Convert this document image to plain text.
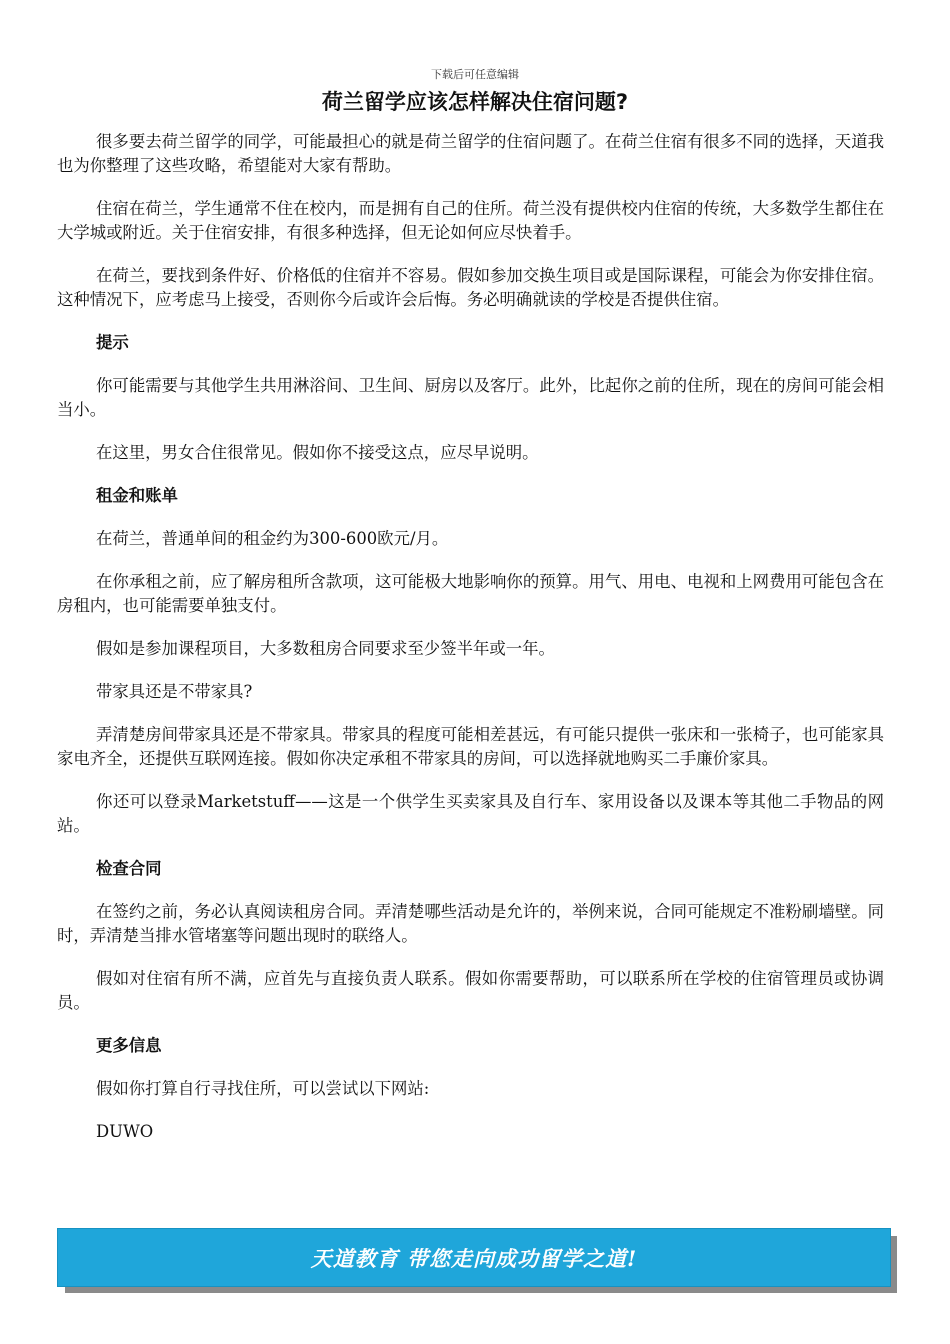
下载后可任意编辑
荷兰留学应该怎样解决住宿问题?

很多要去荷兰留学的同学，可能最担心的就是荷兰留学的住宿问题了。在荷兰住宿有很多不同的选择，天道我也为你整理了这些攻略，希望能对大家有帮助。

住宿在荷兰，学生通常不住在校内，而是拥有自己的住所。荷兰没有提供校内住宿的传统，大多数学生都住在大学城或附近。关于住宿安排，有很多种选择，但无论如何应尽快着手。

在荷兰，要找到条件好、价格低的住宿并不容易。假如参加交换生项目或是国际课程，可能会为你安排住宿。这种情况下，应考虑马上接受，否则你今后或许会后悔。务必明确就读的学校是否提供住宿。

提示

你可能需要与其他学生共用淋浴间、卫生间、厨房以及客厅。此外，比起你之前的住所，现在的房间可能会相当小。

在这里，男女合住很常见。假如你不接受这点，应尽早说明。

租金和账单

在荷兰，普通单间的租金约为300-600欧元/月。

在你承租之前，应了解房租所含款项，这可能极大地影响你的预算。用气、用电、电视和上网费用可能包含在房租内，也可能需要单独支付。

假如是参加课程项目，大多数租房合同要求至少签半年或一年。

带家具还是不带家具?

弄清楚房间带家具还是不带家具。带家具的程度可能相差甚远，有可能只提供一张床和一张椅子，也可能家具家电齐全，还提供互联网连接。假如你决定承租不带家具的房间，可以选择就地购买二手廉价家具。

你还可以登录Marketstuff——这是一个供学生买卖家具及自行车、家用设备以及课本等其他二手物品的网站。

检查合同

在签约之前，务必认真阅读租房合同。弄清楚哪些活动是允许的，举例来说，合同可能规定不准粉刷墙壁。同时，弄清楚当排水管堵塞等问题出现时的联络人。

假如对住宿有所不满，应首先与直接负责人联系。假如你需要帮助，可以联系所在学校的住宿管理员或协调员。

更多信息

假如你打算自行寻找住所，可以尝试以下网站:

DUWO

天道教育 带您走向成功留学之道!
